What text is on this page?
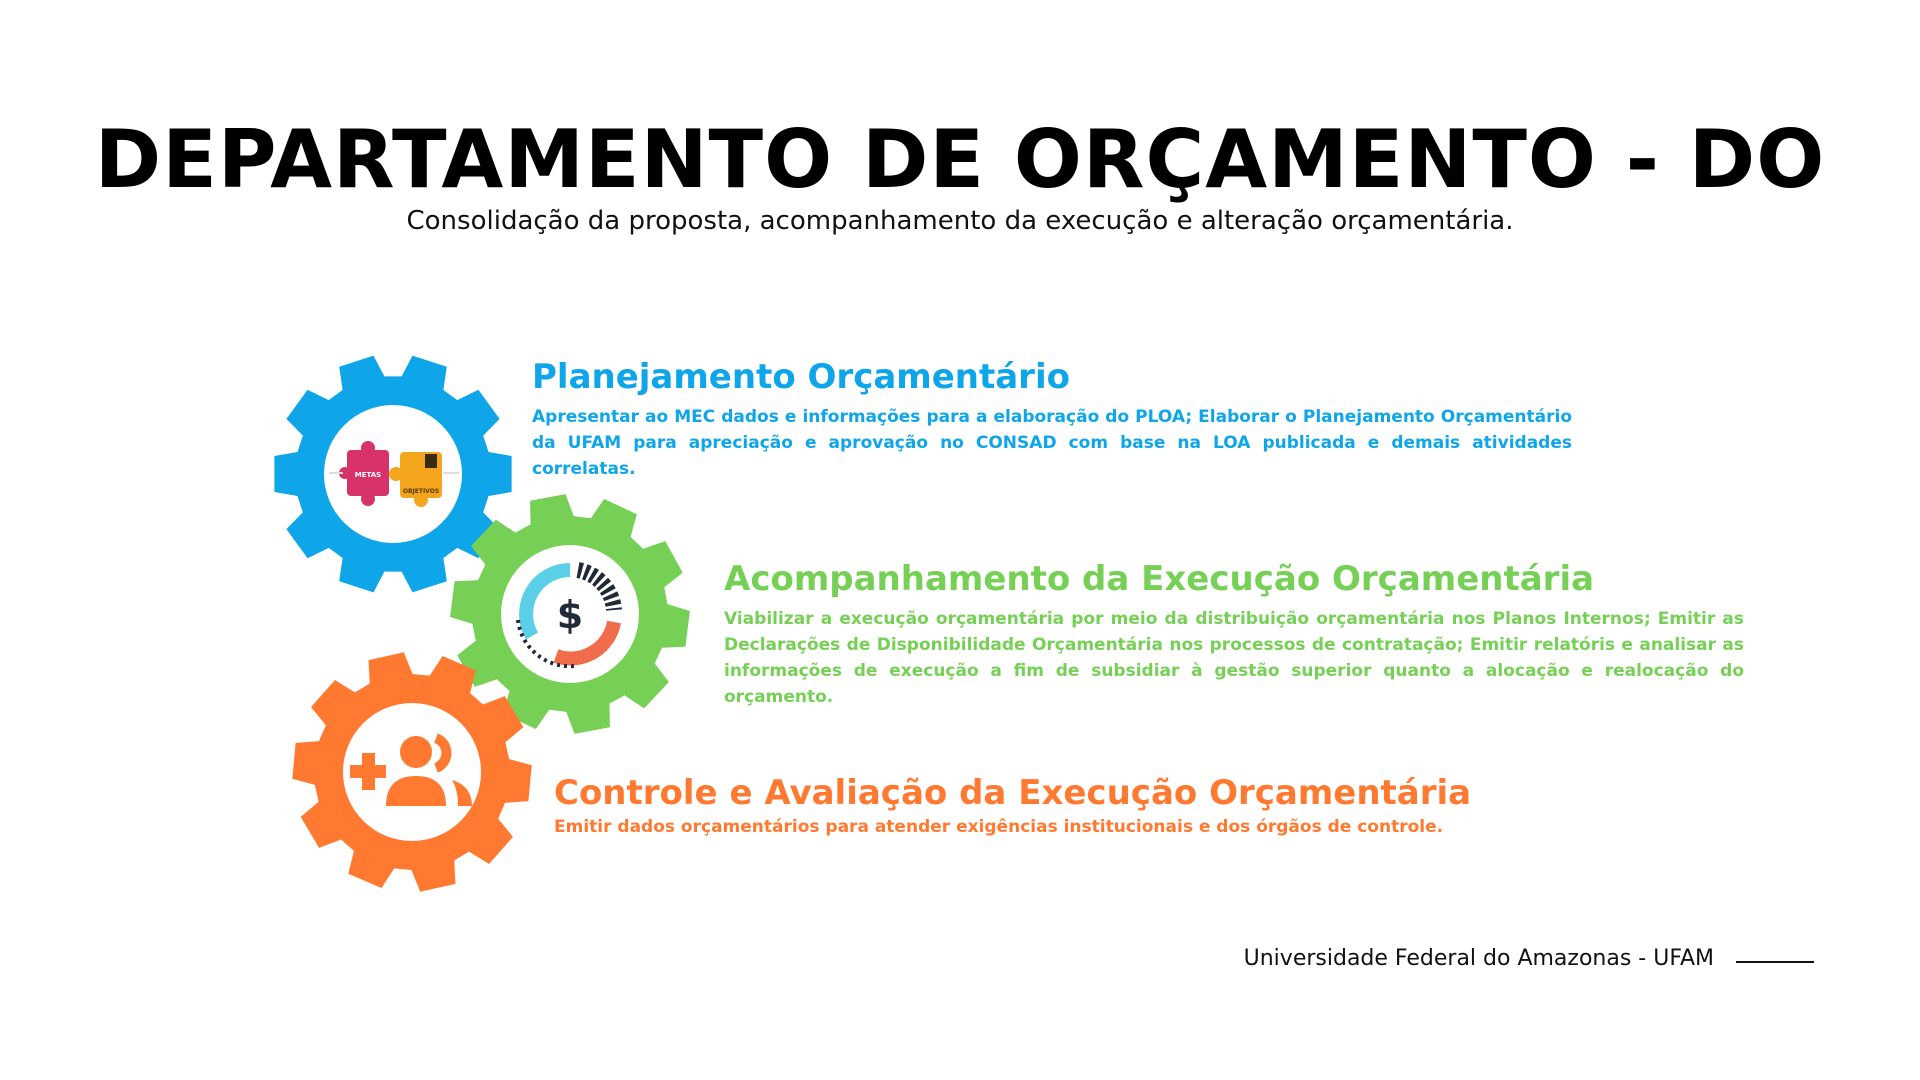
DEPARTAMENTO DE ORÇAMENTO - DO
Consolidação da proposta, acompanhamento da execução e alteração orçamentária.
METAS
OBJETIVOS
$
Planejamento Orçamentário

Apresentar ao MEC dados e informações para a elaboração do PLOA; Elaborar o Planejamento Orçamentário da UFAM para apreciação e aprovação no CONSAD com base na LOA publicada e demais atividades correlatas.

Acompanhamento da Execução Orçamentária

Viabilizar a execução orçamentária por meio da distribuição orçamentária nos Planos Internos; Emitir as Declarações de Disponibilidade Orçamentária nos processos de contratação; Emitir relatóris e analisar as informações de execução a fim de subsidiar à gestão superior quanto a alocação e realocação do orçamento.

Controle e Avaliação da Execução Orçamentária

Emitir dados orçamentários para atender exigências institucionais e dos órgãos de controle.

Universidade Federal do Amazonas - UFAM
